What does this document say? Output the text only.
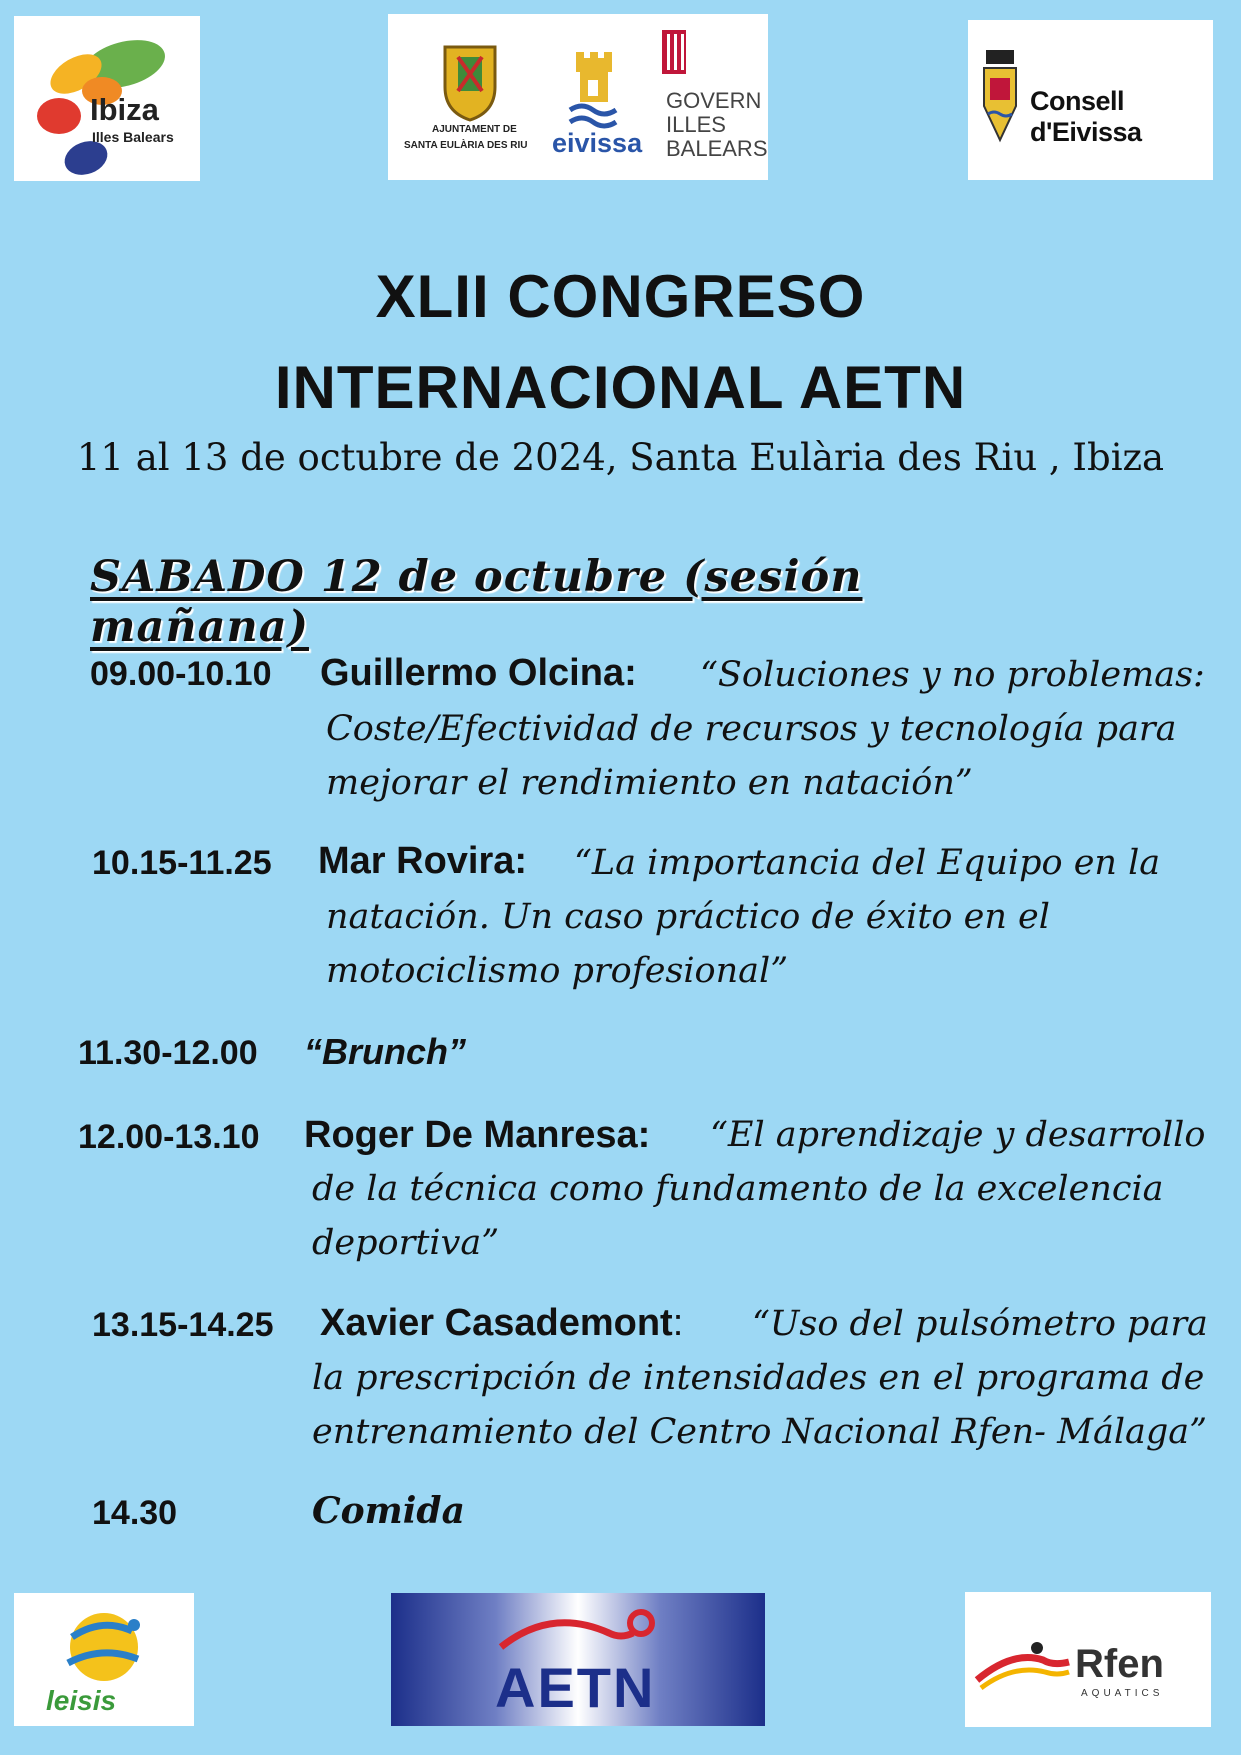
Ibiza
Illes Balears	AJUNTAMENT DE
SANTA EULÀRIA DES RIU eivissa
GOVERN
ILLES
BALEARS
Consell d'Eivissa
XLII CONGRESO
INTERNACIONAL AETN
11 al 13 de octubre de 2024, Santa Eulària des Riu , Ibiza
SABADO 12 de octubre (sesión mañana)
09.00-10.10 Guillermo Olcina: “Soluciones y no problemas:
Coste/Efectividad de recursos y tecnología para
mejorar el rendimiento en natación”
10.15-11.25 Mar Rovira: “La importancia del Equipo en la
natación. Un caso práctico de éxito en el
motociclismo profesional”
11.30-12.00 “Brunch”
12.00-13.10 Roger De Manresa: “El aprendizaje y desarrollo
de la técnica como fundamento de la excelencia
deportiva”
13.15-14.25 Xavier Casademont: “Uso del pulsómetro para
la prescripción de intensidades en el programa de
entrenamiento del Centro Nacional Rfen- Málaga”
14.30	Comida
leisis	AETN	Rfen
AQUATICS
